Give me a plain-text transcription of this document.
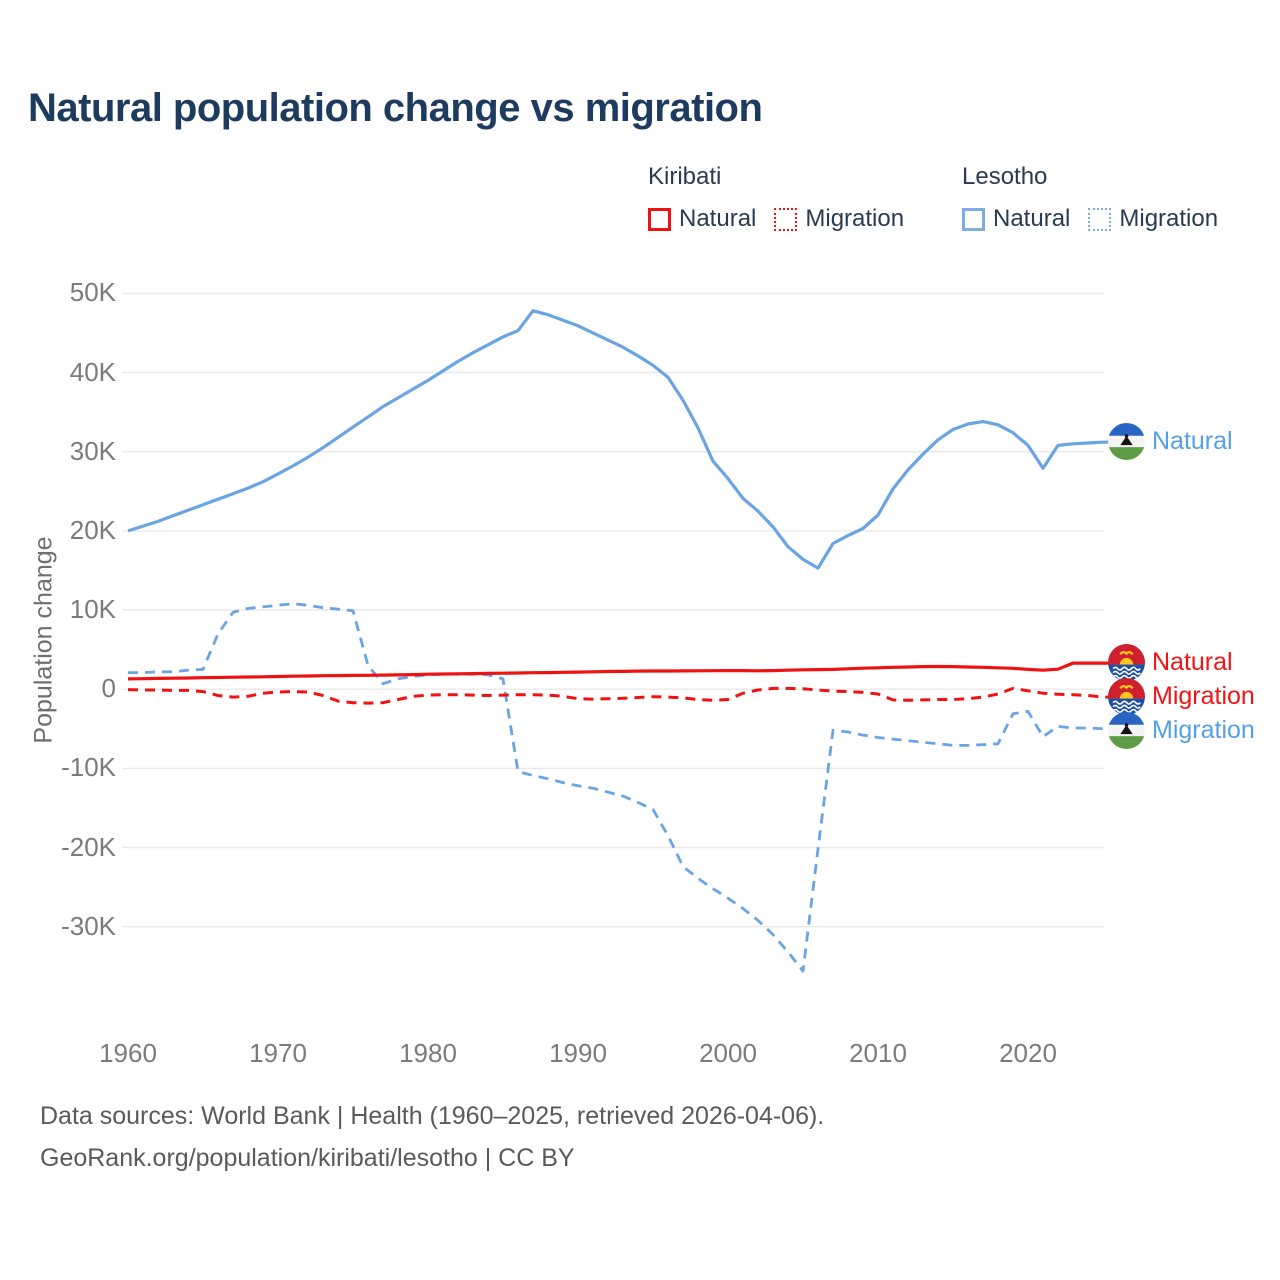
Natural population change vs migration
Kiribati
Natural Migration
Lesotho
Natural Migration
Population change
Natural
Natural
Migration
Migration
Data sources: World Bank | Health (1960–2025, retrieved 2026-04-06).
GeoRank.org/population/kiribati/lesotho | CC BY
50K
40K
30K
20K
10K
0
-10K
-20K
-30K
1960	1970	1980	1990	2000	2010	2020
